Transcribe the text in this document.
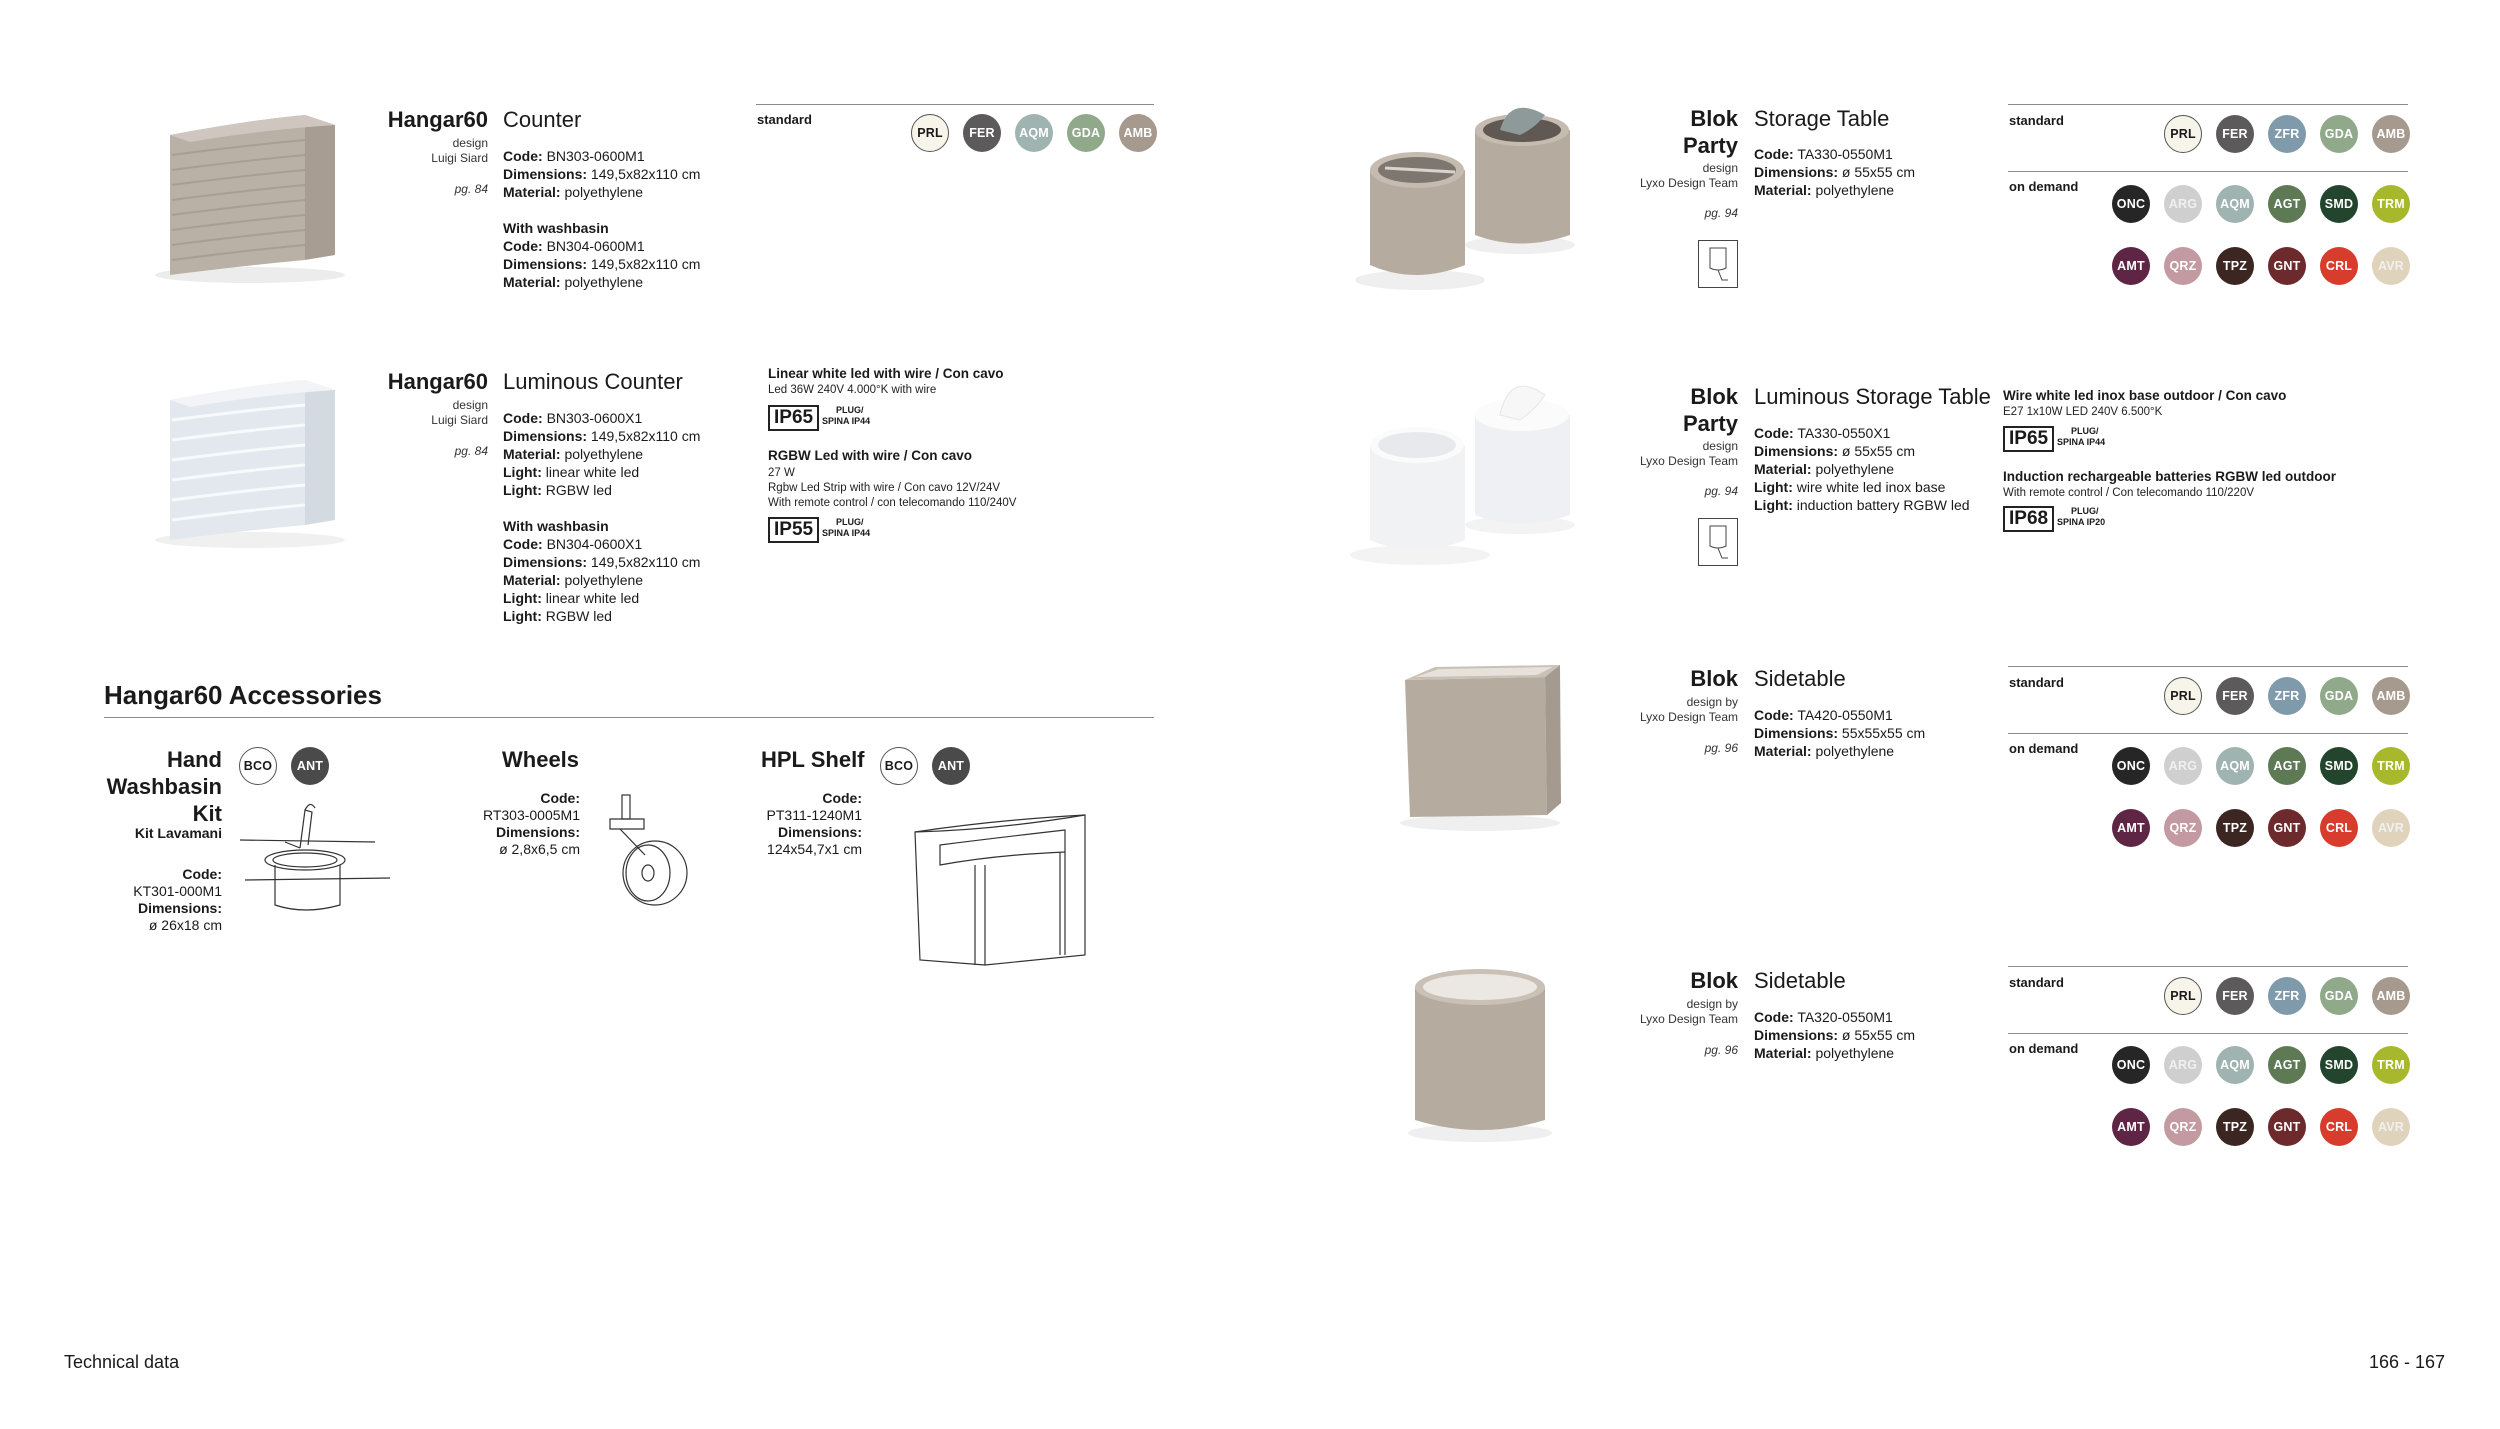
Hangar60
design
Luigi Siard
pg. 84
Counter
Code: BN303-0600M1
Dimensions: 149,5x82x110 cm
Material: polyethylene
With washbasin
Code: BN304-0600M1
Dimensions: 149,5x82x110 cm
Material: polyethylene
standard
Hangar60
design
Luigi Siard
pg. 84
Luminous Counter
Code: BN303-0600X1
Dimensions: 149,5x82x110 cm
Material: polyethylene
Light: linear white led
Light: RGBW led
With washbasin
Code: BN304-0600X1
Dimensions: 149,5x82x110 cm
Material: polyethylene
Light: linear white led
Light: RGBW led
Linear white led with wire / Con cavo
Led 36W 240V 4.000°K with wire
IP65	PLUG/
SPINA IP44
RGBW Led with wire / Con cavo
27 W
Rgbw Led Strip with wire / Con cavo 12V/24V
With remote control / con telecomando 110/240V
IP55	PLUG/
SPINA IP44
Hangar60 Accessories
Hand
Washbasin
Kit
Kit Lavamani
Code:
KT301-000M1
Dimensions:
ø 26x18 cm
Wheels
Code:
RT303-0005M1
Dimensions:
ø 2,8x6,5 cm
HPL Shelf
Code:
PT311-1240M1
Dimensions:
124x54,7x1 cm
Blok
Party
design
Lyxo Design Team
pg. 94
Storage Table
Code: TA330-0550M1
Dimensions: ø 55x55 cm
Material: polyethylene
standard
on demand
Blok
Party
design
Lyxo Design Team
pg. 94
Luminous Storage Table
Code: TA330-0550X1
Dimensions: ø 55x55 cm
Material: polyethylene
Light: wire white led inox base
Light: induction battery RGBW led
Wire white led inox base outdoor / Con cavo
E27 1x10W LED 240V 6.500°K
IP65	PLUG/
SPINA IP44
Induction rechargeable batteries RGBW led outdoor
With remote control / Con telecomando 110/220V
IP68	PLUG/
SPINA IP20
Blok
design by
Lyxo Design Team
pg. 96
Sidetable
Code: TA420-0550M1
Dimensions: 55x55x55 cm
Material: polyethylene
standard
on demand
Blok
design by
Lyxo Design Team
pg. 96
Sidetable
Code: TA320-0550M1
Dimensions: ø 55x55 cm
Material: polyethylene
standard
on demand
Technical data	166 - 167
PRL	FER	AQM	GDA	AMB
BCO	ANT	BCO	ANT
PRL	FER	ZFR	GDA	AMB
ONC	ARG	AQM	AGT	SMD	TRM
AMT	QRZ	TPZ	GNT	CRL	AVR
PRL	FER	ZFR	GDA	AMB
ONC	ARG	AQM	AGT	SMD	TRM
AMT	QRZ	TPZ	GNT	CRL	AVR
PRL	FER	ZFR	GDA	AMB
ONC	ARG	AQM	AGT	SMD	TRM
AMT	QRZ	TPZ	GNT	CRL	AVR
